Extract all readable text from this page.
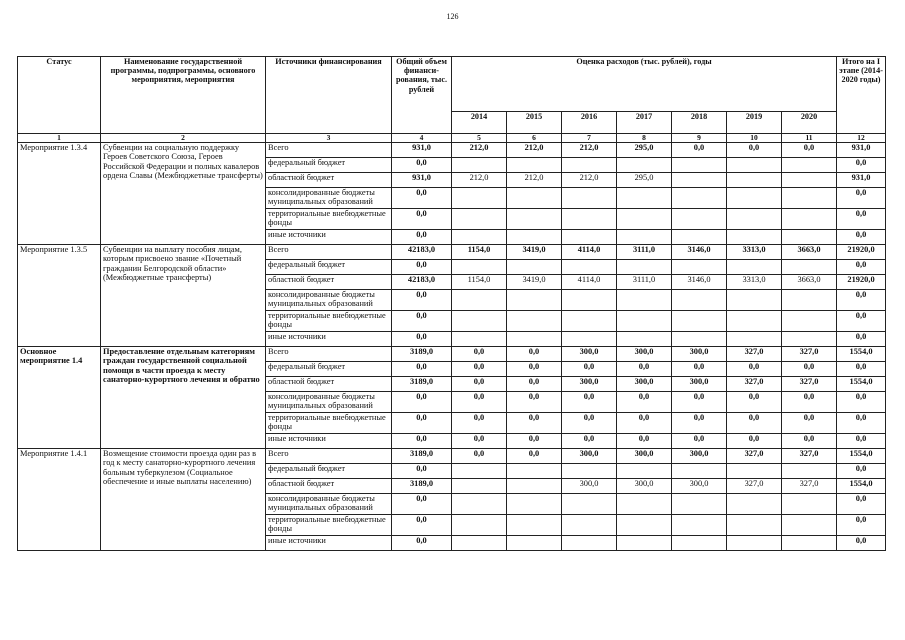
126
Статус	Наименование государственной программы, подпрограммы, основного мероприятия, мероприятия	Источники финансирования	Общий объем финанси-рования, тыс. рублей	Оценка расходов (тыс. рублей), годы							Итого на I этапе (2014-2020 годы)
				2014	2015	2016	2017	2018	2019	2020	
1	2	3	4	5	6	7	8	9	10	11	12
Мероприятие 1.3.4	Субвенции на социальную поддержку Героев Советского Союза, Героев Российской Федерации и полных кавалеров ордена Славы (Межбюджетные трансферты)	Всего	931,0	212,0	212,0	212,0	295,0	0,0	0,0	0,0	931,0
		федеральный бюджет	0,0								0,0
		областной бюджет	931,0	212,0	212,0	212,0	295,0				931,0
		консолидированные бюджеты муниципальных образований	0,0								0,0
		территориальные внебюджетные фонды	0,0								0,0
		иные источники	0,0								0,0
Мероприятие 1.3.5	Субвенции на выплату пособия лицам, которым присвоено звание «Почетный гражданин Белгородской области» (Межбюджетные трансферты)	Всего	42183,0	1154,0	3419,0	4114,0	3111,0	3146,0	3313,0	3663,0	21920,0
		федеральный бюджет	0,0								0,0
		областной бюджет	42183,0	1154,0	3419,0	4114,0	3111,0	3146,0	3313,0	3663,0	21920,0
		консолидированные бюджеты муниципальных образований	0,0								0,0
		территориальные внебюджетные фонды	0,0								0,0
		иные источники	0,0								0,0
Основное мероприятие 1.4	Предоставление отдельным категориям граждан государственной социальной помощи в части проезда к месту санаторно-курортного лечения и обратно	Всего	3189,0	0,0	0,0	300,0	300,0	300,0	327,0	327,0	1554,0
		федеральный бюджет	0,0	0,0	0,0	0,0	0,0	0,0	0,0	0,0	0,0
		областной бюджет	3189,0	0,0	0,0	300,0	300,0	300,0	327,0	327,0	1554,0
		консолидированные бюджеты муниципальных образований	0,0	0,0	0,0	0,0	0,0	0,0	0,0	0,0	0,0
		территориальные внебюджетные фонды	0,0	0,0	0,0	0,0	0,0	0,0	0,0	0,0	0,0
		иные источники	0,0	0,0	0,0	0,0	0,0	0,0	0,0	0,0	0,0
Мероприятие 1.4.1	Возмещение стоимости проезда один раз в год к месту санаторно-курортного лечения больным туберкулезом (Социальное обеспечение и иные выплаты населению)	Всего	3189,0	0,0	0,0	300,0	300,0	300,0	327,0	327,0	1554,0
		федеральный бюджет	0,0								0,0
		областной бюджет	3189,0			300,0	300,0	300,0	327,0	327,0	1554,0
		консолидированные бюджеты муниципальных образований	0,0								0,0
		территориальные внебюджетные фонды	0,0								0,0
		иные источники	0,0								0,0
